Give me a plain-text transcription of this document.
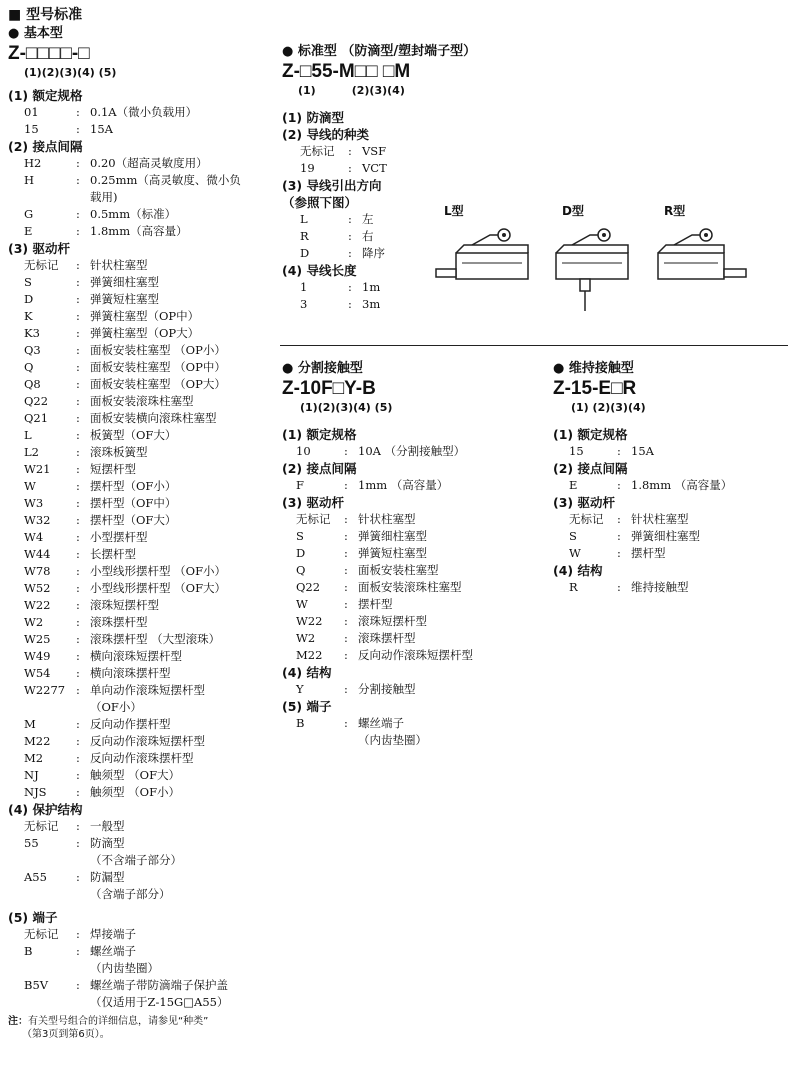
■ 型号标准
● 基本型
Z-□□□□-□
(1)(2)(3)(4) (5)
(1) 额定规格
01	: 0.1A（微小负载用）
15	: 15A
(2) 接点间隔
H2	: 0.20（超高灵敏度用）
H	: 0.25mm（高灵敏度、微小负
载用)
G	: 0.5mm（标准）
E	: 1.8mm（高容量）
(3) 驱动杆
无标记	: 针状柱塞型
S	: 弹簧细柱塞型
D	: 弹簧短柱塞型
K	: 弹簧柱塞型（OP中）
K3	: 弹簧柱塞型（OP大）
Q3	: 面板安装柱塞型 （OP小）
Q	: 面板安装柱塞型 （OP中）
Q8	: 面板安装柱塞型 （OP大）
Q22	: 面板安装滚珠柱塞型
Q21	: 面板安装横向滚珠柱塞型
L	: 板簧型（OF大）
L2	: 滚珠板簧型
W21	: 短摆杆型
W	: 摆杆型（OF小）
W3	: 摆杆型（OF中）
W32	: 摆杆型（OF大）
W4	: 小型摆杆型
W44	: 长摆杆型
W78	: 小型线形摆杆型 （OF小）
W52	: 小型线形摆杆型 （OF大）
W22	: 滚珠短摆杆型
W2	: 滚珠摆杆型
W25	: 滚珠摆杆型 （大型滚珠）
W49	: 横向滚珠短摆杆型
W54	: 横向滚珠摆杆型
W2277 : 单向动作滚珠短摆杆型
（OF小）
M	: 反向动作摆杆型
M22	: 反向动作滚珠短摆杆型
M2	: 反向动作滚珠摆杆型
NJ	: 触须型 （OF大）
NJS	: 触须型 （OF小）
(4) 保护结构
无标记	: 一般型
55	: 防滴型
（不含端子部分）
A55	: 防漏型
（含端子部分）
(5) 端子
无标记	: 焊接端子
B	: 螺丝端子
（内齿垫圈）
B5V	: 螺丝端子带防滴端子保护盖
（仅适用于Z-15G□A55）
注：有关型号组合的详细信息，请参见“种类”
（第3页到第6页）。
● 标准型 （防滴型/塑封端子型）
Z-□55-M□□ □M
(1)	(2)(3)(4)
(1) 防滴型
(2) 导线的种类
无标记	: VSF
19	: VCT
(3) 导线引出方向
（参照下图）
L	: 左
R	: 右
D	: 降序
(4) 导线长度
1	: 1m
3	: 3m
L型	D型	R型
● 分割接触型
Z-10F□Y-B
(1)(2)(3)(4) (5)
(1) 额定规格
10	: 10A （分割接触型）
(2) 接点间隔
F	: 1mm （高容量）
(3) 驱动杆
无标记	: 针状柱塞型
S	: 弹簧细柱塞型
D	: 弹簧短柱塞型
Q	: 面板安装柱塞型
Q22	: 面板安装滚珠柱塞型
W	: 摆杆型
W22	: 滚珠短摆杆型
W2	: 滚珠摆杆型
M22	: 反向动作滚珠短摆杆型
(4) 结构
Y	: 分割接触型
(5) 端子
B	: 螺丝端子
（内齿垫圈）
● 维持接触型
Z-15-E□R
(1) (2)(3)(4)
(1) 额定规格
15	: 15A
(2) 接点间隔
E	: 1.8mm （高容量）
(3) 驱动杆
无标记	: 针状柱塞型
S	: 弹簧细柱塞型
W	: 摆杆型
(4) 结构
R	: 维持接触型
